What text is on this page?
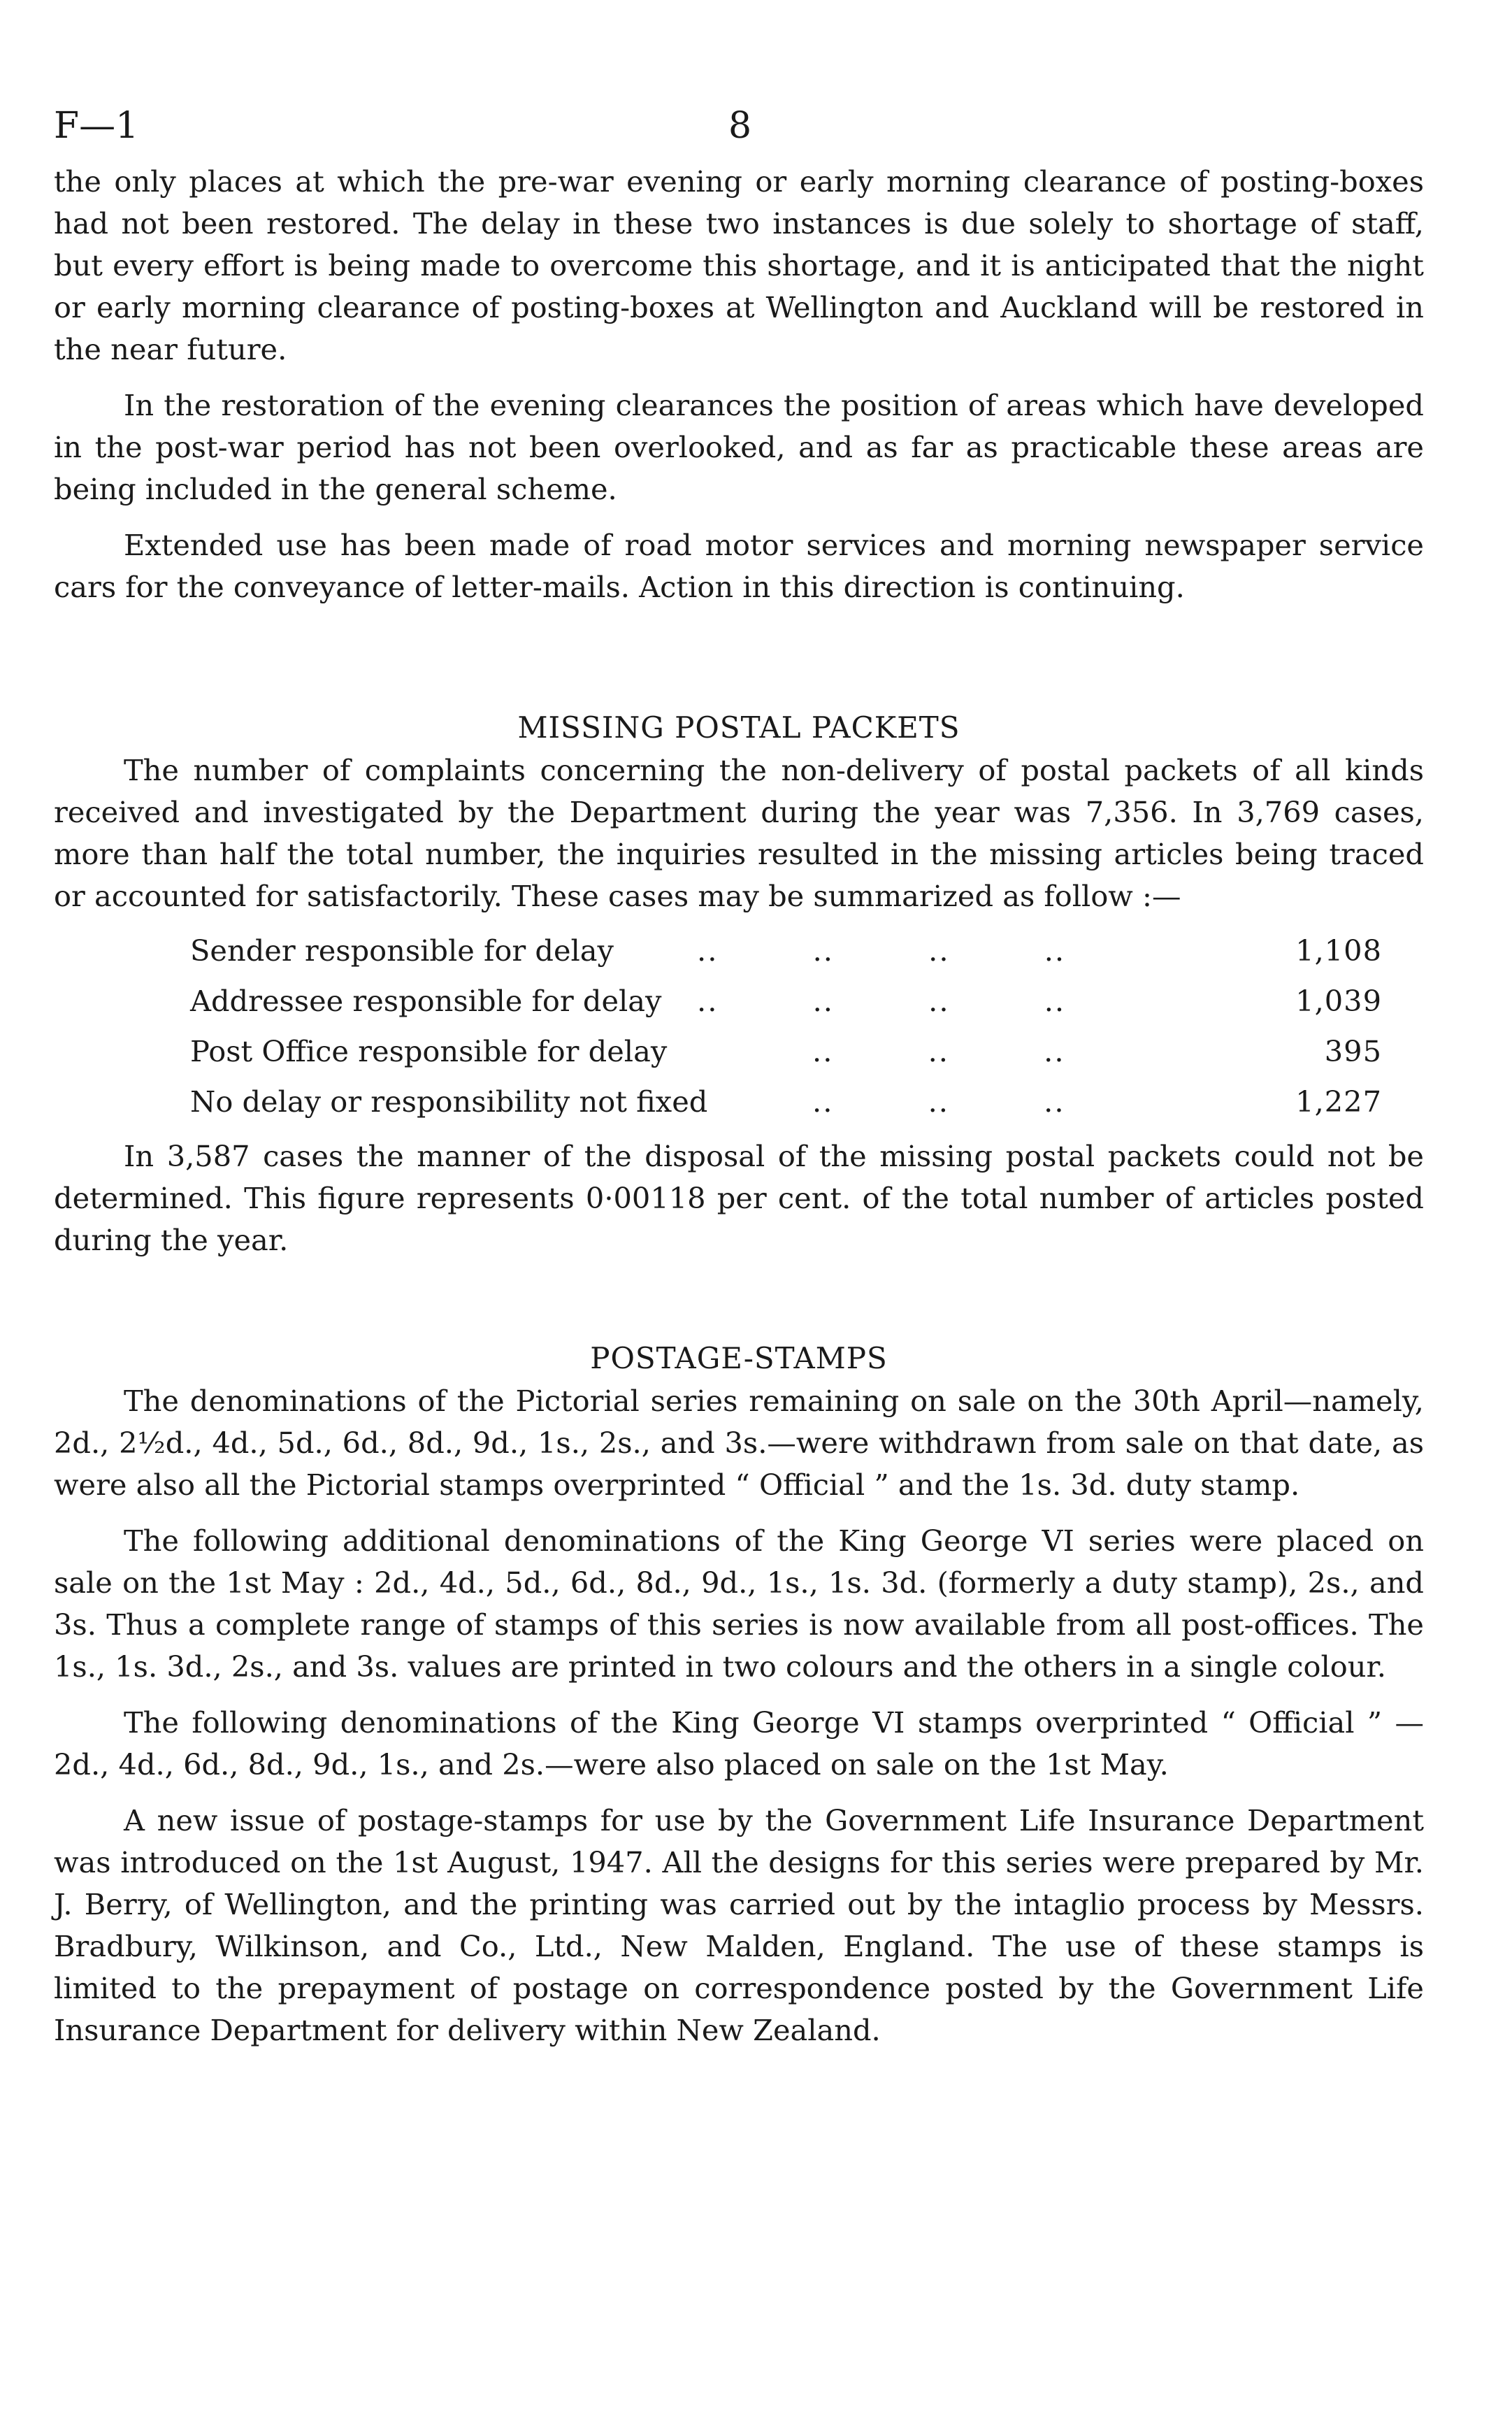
F—1	8

the only places at which the pre-war evening or early morning clearance of posting-boxes had not been restored. The delay in these two instances is due solely to shortage of staff, but every effort is being made to overcome this shortage, and it is anticipated that the night or early morning clearance of posting-boxes at Wellington and Auckland will be restored in the near future.

In the restoration of the evening clearances the position of areas which have developed in the post-war period has not been overlooked, and as far as practicable these areas are being included in the general scheme.

Extended use has been made of road motor services and morning newspaper service cars for the conveyance of letter-mails. Action in this direction is continuing.

MISSING POSTAL PACKETS

The number of complaints concerning the non-delivery of postal packets of all kinds received and investigated by the Department during the year was 7,356. In 3,769 cases, more than half the total number, the inquiries resulted in the missing articles being traced or accounted for satisfactorily. These cases may be summarized as follow :—

Sender responsible for delay	.. .. .. ..	1,108
Addressee responsible for delay .. .. .. ..	1,039
Post Office responsible for delay	.. .. ..	395
No delay or responsibility not fixed	.. .. ..	1,227

In 3,587 cases the manner of the disposal of the missing postal packets could not be determined. This figure represents 0·00118 per cent. of the total number of articles posted during the year.

POSTAGE-STAMPS

The denominations of the Pictorial series remaining on sale on the 30th April—namely, 2d., 2½d., 4d., 5d., 6d., 8d., 9d., 1s., 2s., and 3s.—were withdrawn from sale on that date, as were also all the Pictorial stamps overprinted “ Official ” and the 1s. 3d. duty stamp.

The following additional denominations of the King George VI series were placed on sale on the 1st May : 2d., 4d., 5d., 6d., 8d., 9d., 1s., 1s. 3d. (formerly a duty stamp), 2s., and 3s. Thus a complete range of stamps of this series is now available from all post-offices. The 1s., 1s. 3d., 2s., and 3s. values are printed in two colours and the others in a single colour.

The following denominations of the King George VI stamps overprinted “ Official ” —2d., 4d., 6d., 8d., 9d., 1s., and 2s.—were also placed on sale on the 1st May.

A new issue of postage-stamps for use by the Government Life Insurance Department was introduced on the 1st August, 1947. All the designs for this series were prepared by Mr. J. Berry, of Wellington, and the printing was carried out by the intaglio process by Messrs. Bradbury, Wilkinson, and Co., Ltd., New Malden, England. The use of these stamps is limited to the prepayment of postage on correspondence posted by the Government Life Insurance Department for delivery within New Zealand.
